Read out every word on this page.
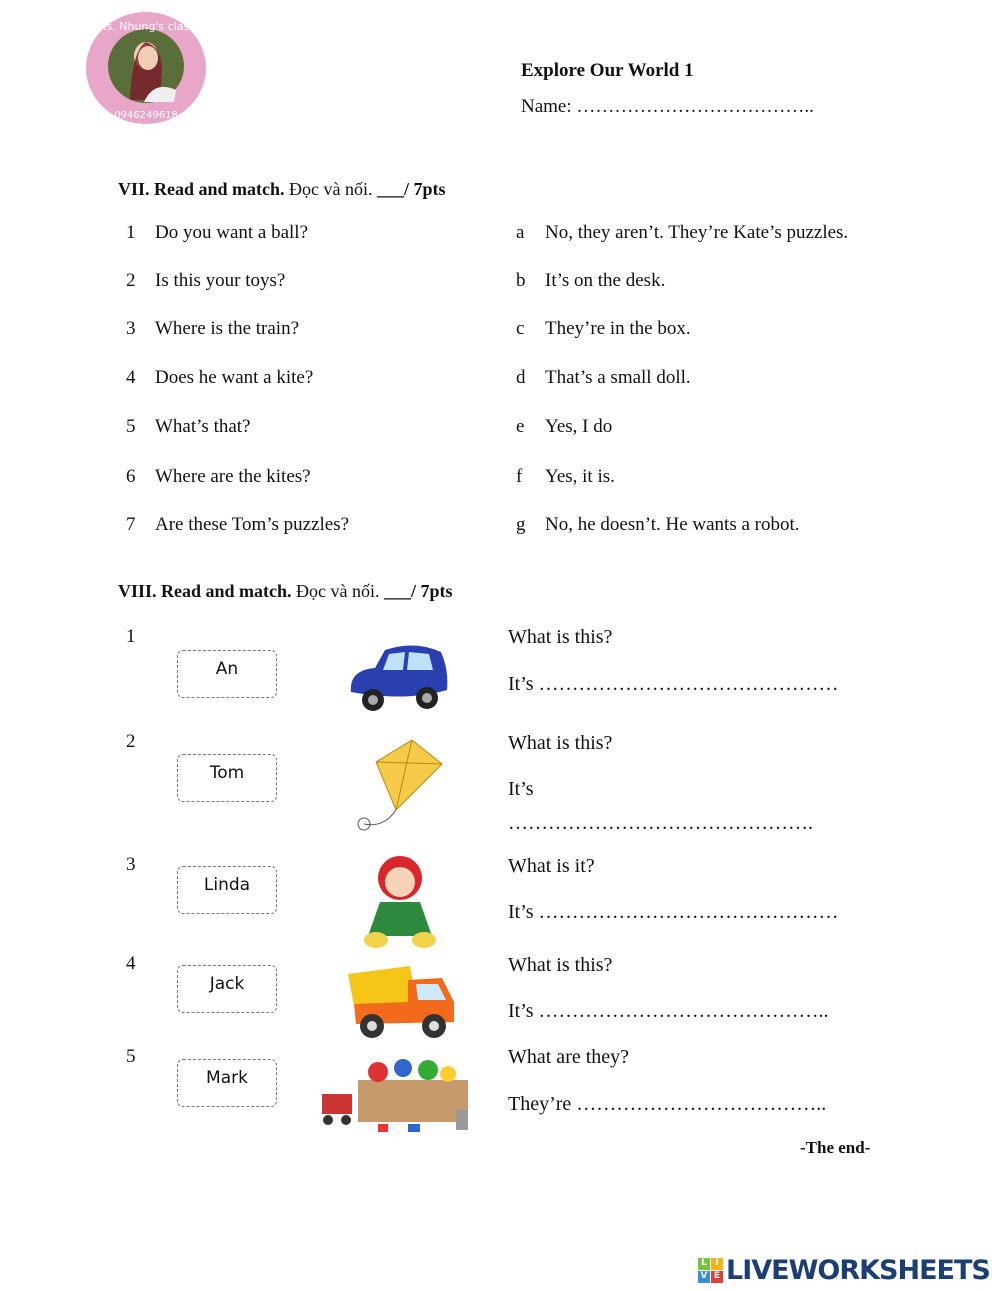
Ms. Nhung's class
0946249618
Explore Our World 1
Name: ………………………………..
VII. Read and match. Đọc và nối. ___/ 7pts
1 Do you want a ball?	a No, they aren’t. They’re Kate’s puzzles.
2 Is this your toys?	b It’s on the desk.
3 Where is the train?	c They’re in the box.
4 Does he want a kite?	d That’s a small doll.
5 What’s that?	e Yes, I do
6 Where are the kites?	f Yes, it is.
7 Are these Tom’s puzzles?	g No, he doesn’t. He wants a robot.
VIII. Read and match. Đọc và nối. ___/ 7pts
1
An
What is this?
It’s ………………………………………
2
Tom
What is this?
It’s
3
Linda
What is it?
It’s ………………………………………
4
Jack
What is this?
It’s ……………………………………..
5
Mark
What are they?
They’re ………………………………..
……………………………………….
-The end-
L I
V E LIVEWORKSHEETS
